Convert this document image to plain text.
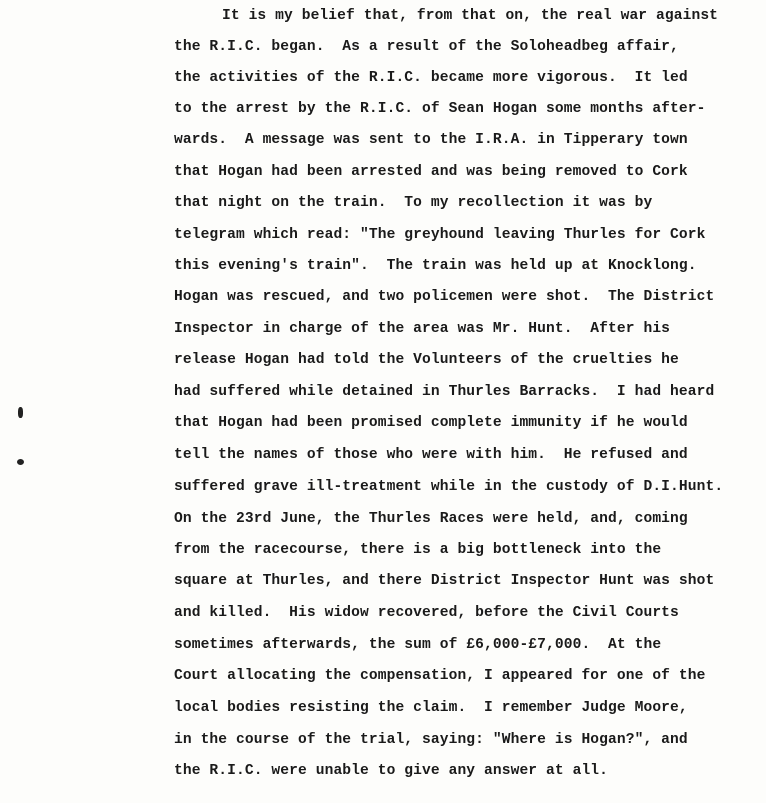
It is my belief that, from that on, the real war against
the R.I.C. began.  As a result of the Soloheadbeg affair,
the activities of the R.I.C. became more vigorous.  It led
to the arrest by the R.I.C. of Sean Hogan some months after-
wards.  A message was sent to the I.R.A. in Tipperary town
that Hogan had been arrested and was being removed to Cork
that night on the train.  To my recollection it was by
telegram which read: "The greyhound leaving Thurles for Cork
this evening's train".  The train was held up at Knocklong.
Hogan was rescued, and two policemen were shot.  The District
Inspector in charge of the area was Mr. Hunt.  After his
release Hogan had told the Volunteers of the cruelties he
had suffered while detained in Thurles Barracks.  I had heard
that Hogan had been promised complete immunity if he would
tell the names of those who were with him.  He refused and
suffered grave ill-treatment while in the custody of D.I.Hunt.
On the 23rd June, the Thurles Races were held, and, coming
from the racecourse, there is a big bottleneck into the
square at Thurles, and there District Inspector Hunt was shot
and killed.  His widow recovered, before the Civil Courts
sometimes afterwards, the sum of £6,000-£7,000.  At the
Court allocating the compensation, I appeared for one of the
local bodies resisting the claim.  I remember Judge Moore,
in the course of the trial, saying: "Where is Hogan?", and
the R.I.C. were unable to give any answer at all.
